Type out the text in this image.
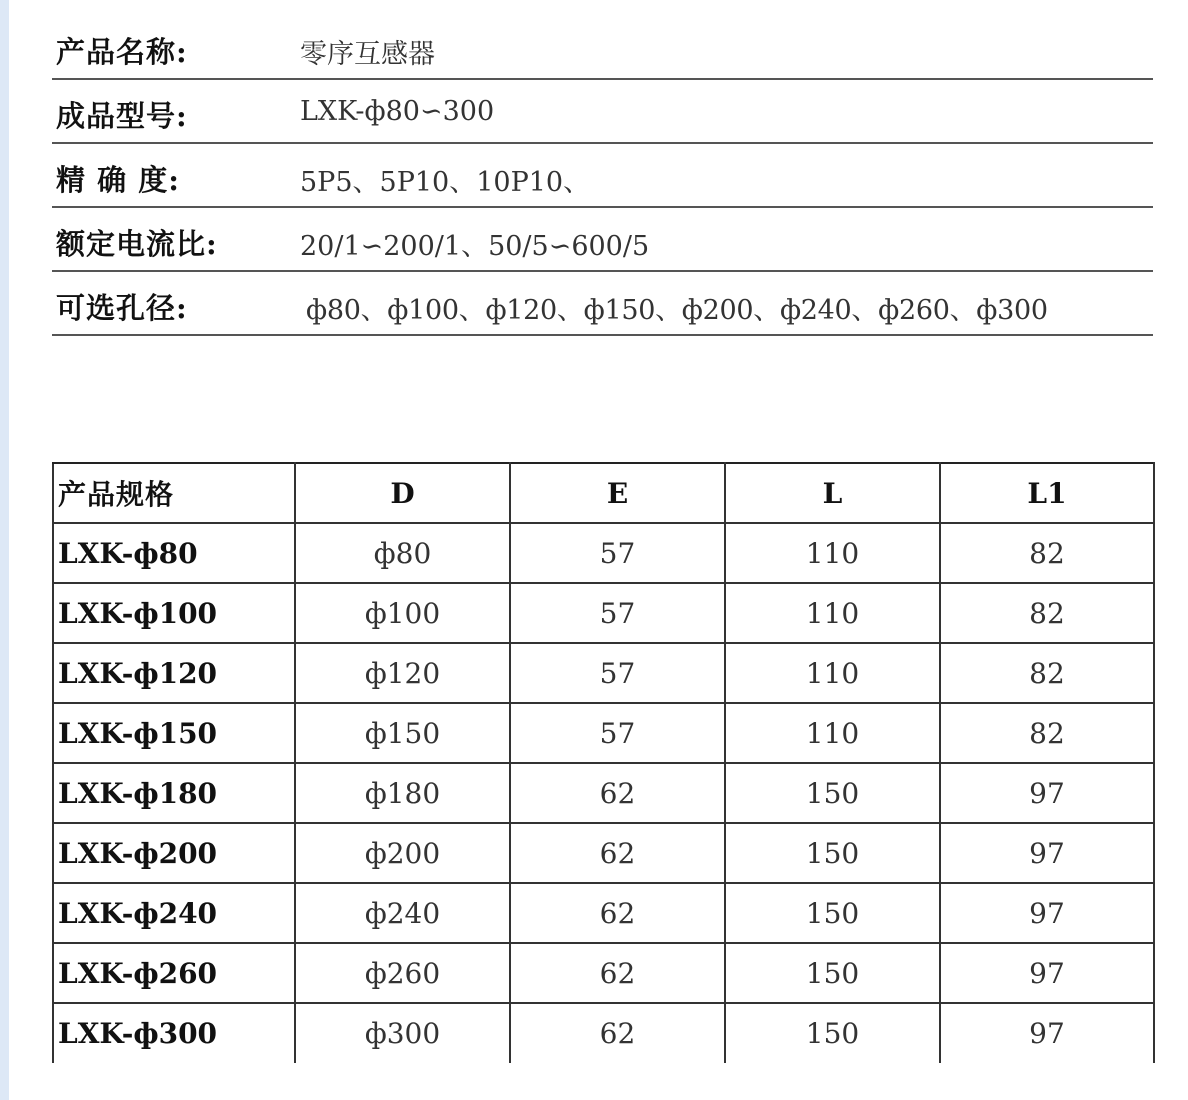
产品名称:	零序互感器
成品型号:	LXK-ф80∽300
精 确 度:	5P5、5P10、10P10、
额定电流比:	20/1∽200/1、50/5∽600/5
可选孔径:	ф80、ф100、ф120、ф150、ф200、ф240、ф260、ф300
产品规格	D	E	L	L1
LXK-ф80	ф80	57	110	82
LXK-ф100	ф100	57	110	82
LXK-ф120	ф120	57	110	82
LXK-ф150	ф150	57	110	82
LXK-ф180	ф180	62	150	97
LXK-ф200	ф200	62	150	97
LXK-ф240	ф240	62	150	97
LXK-ф260	ф260	62	150	97
LXK-ф300	ф300	62	150	97
